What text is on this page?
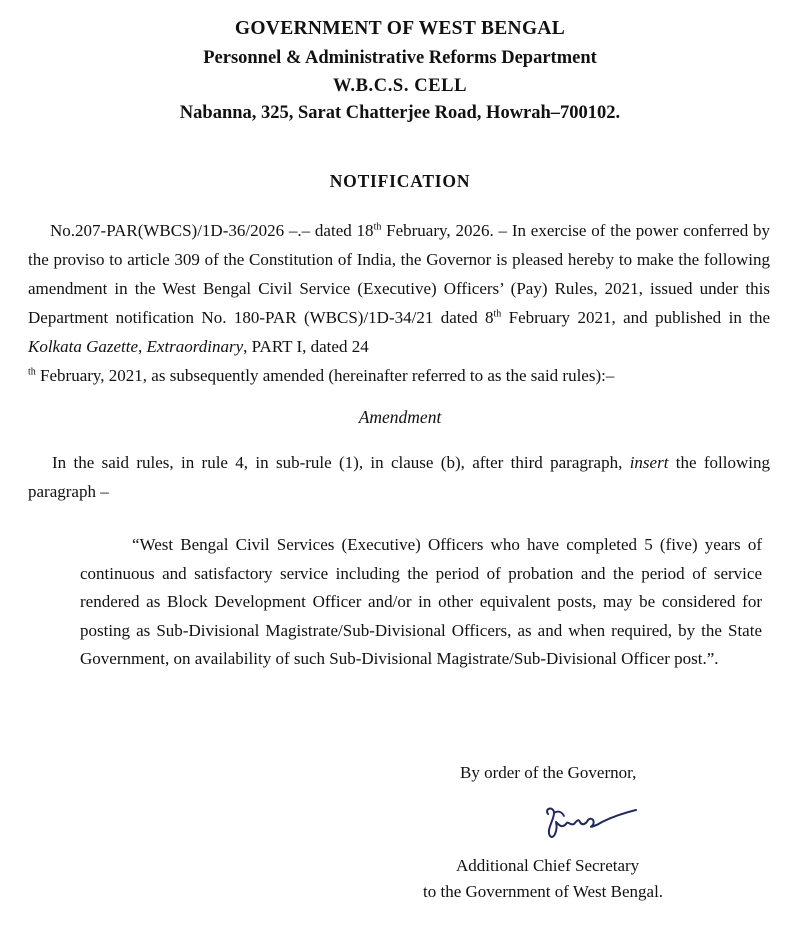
GOVERNMENT OF WEST BENGAL
Personnel & Administrative Reforms Department
W.B.C.S. CELL
Nabanna, 325, Sarat Chatterjee Road, Howrah–700102.
NOTIFICATION

No.207-PAR(WBCS)/1D-36/2026 –.– dated 18th February, 2026. – In exercise of the power conferred by the proviso to article 309 of the Constitution of India, the Governor is pleased hereby to make the following amendment in the West Bengal Civil Service (Executive) Officers’ (Pay) Rules, 2021, issued under this Department notification No. 180-PAR (WBCS)/1D-34/21 dated 8th February 2021, and published in the Kolkata Gazette, Extraordinary, PART I, dated 24
$^{th}$ February, 2021, as subsequently amended (hereinafter referred to as the said rules):–

Amendment

In the said rules, in rule 4, in sub-rule (1), in clause (b), after third paragraph, insert the following paragraph –

“West Bengal Civil Services (Executive) Officers who have completed 5 (five) years of continuous and satisfactory service including the period of probation and the period of service rendered as Block Development Officer and/or in other equivalent posts, may be considered for posting as Sub-Divisional Magistrate/Sub-Divisional Officers, as and when required, by the State Government, on availability of such Sub-Divisional Magistrate/Sub-Divisional Officer post.”.

By order of the Governor,
Additional Chief Secretary
to the Government of West Bengal.
